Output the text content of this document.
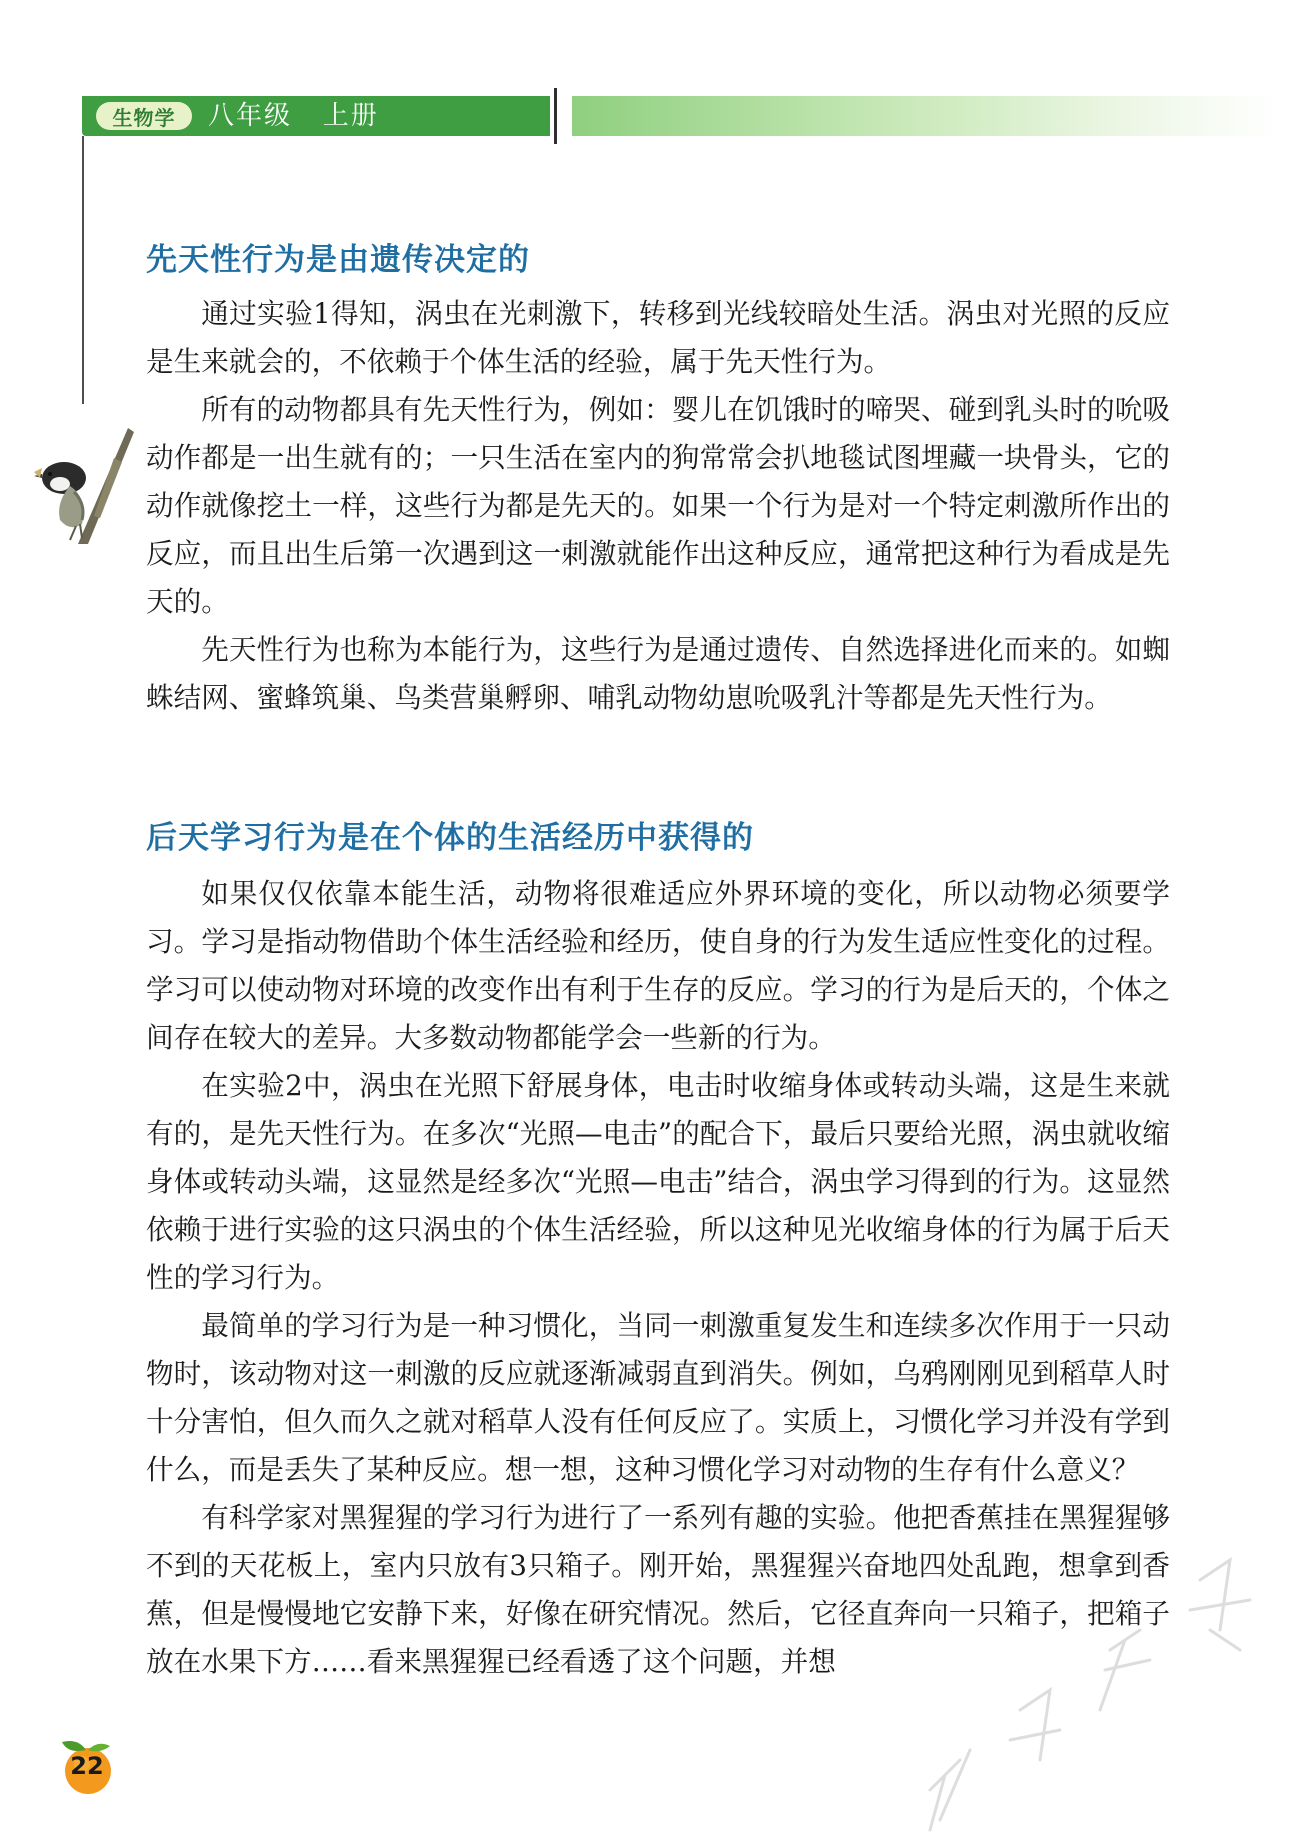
生物学	八年级   上册
先天性行为是由遗传决定的

通过实验1得知，涡虫在光刺激下，转移到光线较暗处生活。涡虫对光照的反应是生来就会的，不依赖于个体生活的经验，属于先天性行为。

所有的动物都具有先天性行为，例如：婴儿在饥饿时的啼哭、碰到乳头时的吮吸动作都是一出生就有的；一只生活在室内的狗常常会扒地毯试图埋藏一块骨头，它的动作就像挖土一样，这些行为都是先天的。如果一个行为是对一个特定刺激所作出的反应，而且出生后第一次遇到这一刺激就能作出这种反应，通常把这种行为看成是先天的。

先天性行为也称为本能行为，这些行为是通过遗传、自然选择进化而来的。如蜘蛛结网、蜜蜂筑巢、鸟类营巢孵卵、哺乳动物幼崽吮吸乳汁等都是先天性行为。

后天学习行为是在个体的生活经历中获得的

如果仅仅依靠本能生活，动物将很难适应外界环境的变化，所以动物必须要学习。学习是指动物借助个体生活经验和经历，使自身的行为发生适应性变化的过程。学习可以使动物对环境的改变作出有利于生存的反应。学习的行为是后天的，个体之间存在较大的差异。大多数动物都能学会一些新的行为。

在实验2中，涡虫在光照下舒展身体，电击时收缩身体或转动头端，这是生来就有的，是先天性行为。在多次“光照—电击”的配合下，最后只要给光照，涡虫就收缩身体或转动头端，这显然是经多次“光照—电击”结合，涡虫学习得到的行为。这显然依赖于进行实验的这只涡虫的个体生活经验，所以这种见光收缩身体的行为属于后天性的学习行为。

最简单的学习行为是一种习惯化，当同一刺激重复发生和连续多次作用于一只动物时，该动物对这一刺激的反应就逐渐减弱直到消失。例如，乌鸦刚刚见到稻草人时十分害怕，但久而久之就对稻草人没有任何反应了。实质上，习惯化学习并没有学到什么，而是丢失了某种反应。想一想，这种习惯化学习对动物的生存有什么意义？

有科学家对黑猩猩的学习行为进行了一系列有趣的实验。他把香蕉挂在黑猩猩够不到的天花板上，室内只放有3只箱子。刚开始，黑猩猩兴奋地四处乱跑，想拿到香蕉，但是慢慢地它安静下来，好像在研究情况。然后，它径直奔向一只箱子，把箱子放在水果下方……看来黑猩猩已经看透了这个问题，并想

22
